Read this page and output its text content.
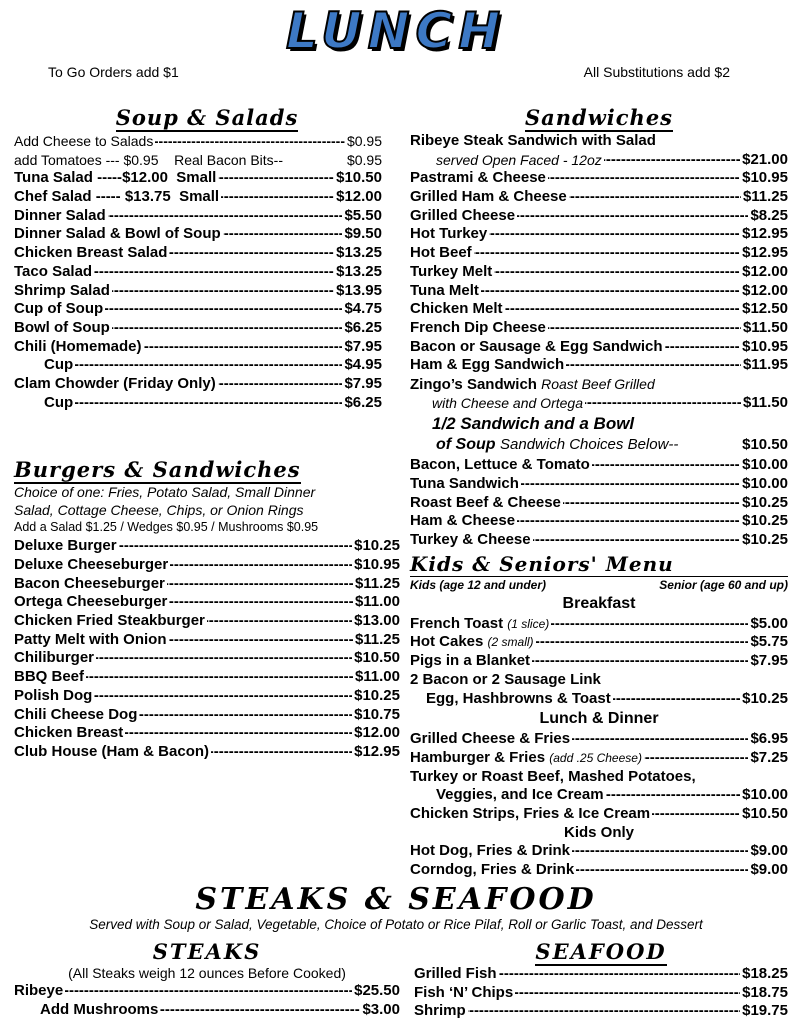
LUNCH
To Go Orders add $1	All Substitutions add $2
Soup & Salads
Add Cheese to Salads -----	$0.95
add Tomatoes --- $0.95 Real Bacon Bits--	$0.95
Tuna Salad -----$12.00 Small -----	$10.50
Chef Salad ----- $13.75 Small -----	$12.00
Dinner Salad -----	$5.50
Dinner Salad & Bowl of Soup -----	$9.50
Chicken Breast Salad -----	$13.25
Taco Salad -----	$13.25
Shrimp Salad -----	$13.95
Cup of Soup -----	$4.75
Bowl of Soup -----	$6.25
Chili (Homemade) -----	$7.95
Cup -----	$4.95
Clam Chowder (Friday Only) -----	$7.95
Cup -----	$6.25
Burgers & Sandwiches
Choice of one: Fries, Potato Salad, Small Dinner
Salad, Cottage Cheese, Chips, or Onion Rings
Add a Salad $1.25 / Wedges $0.95 / Mushrooms $0.95
Deluxe Burger -----	$10.25
Deluxe Cheeseburger -----	$10.95
Bacon Cheeseburger -----	$11.25
Ortega Cheeseburger -----	$11.00
Chicken Fried Steakburger -----	$13.00
Patty Melt with Onion -----	$11.25
Chiliburger -----	$10.50
BBQ Beef -----	$11.00
Polish Dog -----	$10.25
Chili Cheese Dog -----	$10.75
Chicken Breast -----	$12.00
Club House (Ham & Bacon) -----	$12.95
Sandwiches
Ribeye Steak Sandwich with Salad
served Open Faced - 12oz -----	$21.00
Pastrami & Cheese -----	$10.95
Grilled Ham & Cheese -----	$11.25
Grilled Cheese -----	$8.25
Hot Turkey -----	$12.95
Hot Beef -----	$12.95
Turkey Melt -----	$12.00
Tuna Melt -----	$12.00
Chicken Melt -----	$12.50
French Dip Cheese -----	$11.50
Bacon or Sausage & Egg Sandwich -----	$10.95
Ham & Egg Sandwich -----	$11.95
Zingo’s Sandwich Roast Beef Grilled
with Cheese and Ortega -----	$11.50
1/2 Sandwich and a Bowl
of Soup Sandwich Choices Below--	$10.50
Bacon, Lettuce & Tomato -----	$10.00
Tuna Sandwich -----	$10.00
Roast Beef & Cheese -----	$10.25
Ham & Cheese -----	$10.25
Turkey & Cheese -----	$10.25
Kids & Seniors' Menu
Kids (age 12 and under)	Senior (age 60 and up)
Breakfast
French Toast (1 slice) -----	$5.00
Hot Cakes (2 small) -----	$5.75
Pigs in a Blanket -----	$7.95
2 Bacon or 2 Sausage Link
Egg, Hashbrowns & Toast -----	$10.25
Lunch & Dinner
Grilled Cheese & Fries -----	$6.95
Hamburger & Fries (add .25 Cheese) -----	$7.25
Turkey or Roast Beef, Mashed Potatoes,
Veggies, and Ice Cream -----	$10.00
Chicken Strips, Fries & Ice Cream -----	$10.50
Kids Only
Hot Dog, Fries & Drink -----	$9.00
Corndog, Fries & Drink -----	$9.00
STEAKS & SEAFOOD
Served with Soup or Salad, Vegetable, Choice of Potato or Rice Pilaf, Roll or Garlic Toast, and Dessert
STEAKS
(All Steaks weigh 12 ounces Before Cooked)
Ribeye -----	$25.50
Add Mushrooms -----	$3.00
SEAFOOD
Grilled Fish -----	$18.25
Fish ‘N’ Chips -----	$18.75
Shrimp -----	$19.75
